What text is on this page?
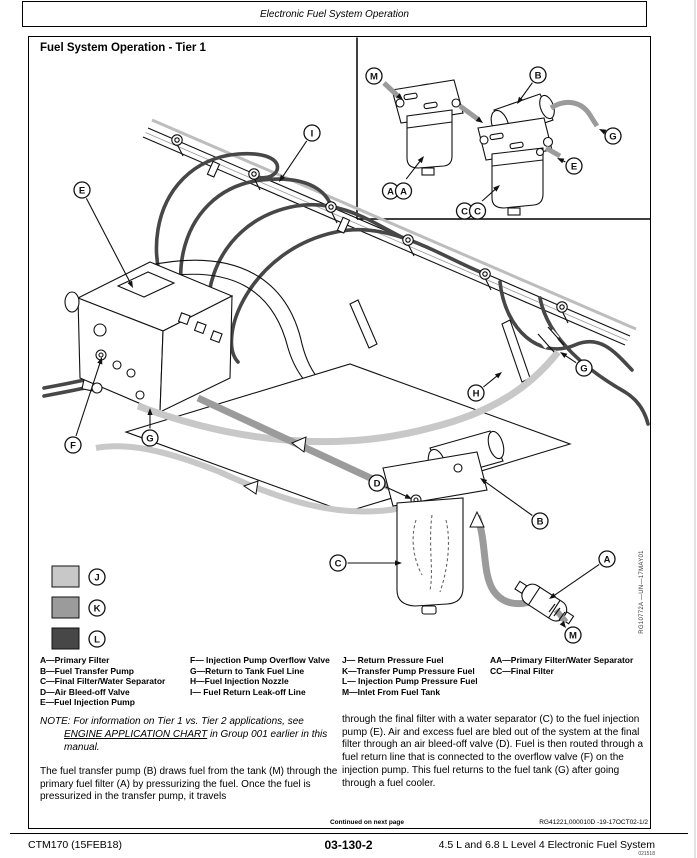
Electronic Fuel System Operation
Fuel System Operation - Tier 1
RG10772A —UN—17MAY01
E
I
F
G
H
G
D
B
C	A
M
J
K
L
M	B
G
E
A A
C C
A—Primary Filter
B—Fuel Transfer Pump
C—Final Filter/Water Separator
D—Air Bleed-off Valve
E—Fuel Injection Pump
F— Injection Pump Overflow Valve
G—Return to Tank Fuel Line
H—Fuel Injection Nozzle
I— Fuel Return Leak-off Line
J— Return Pressure Fuel
K—Transfer Pump Pressure Fuel
L— Injection Pump Pressure Fuel
M—Inlet From Fuel Tank
AA—Primary Filter/Water Separator
CC—Final Filter
NOTE: For information on Tier 1 vs. Tier 2 applications, see ENGINE APPLICATION CHART in Group 001 earlier in this manual.
The fuel transfer pump (B) draws fuel from the tank (M) through the primary fuel filter (A) by pressurizing the fuel. Once the fuel is pressurized in the transfer pump, it travels
through the final filter with a water separator (C) to the fuel injection pump (E). Air and excess fuel are bled out of the system at the final filter through an air bleed-off valve (D). Fuel is then routed through a fuel return line that is connected to the overflow valve (F) on the injection pump. This fuel returns to the fuel tank (G) after going through a fuel cooler.
Continued on next page	RG41221,000010D -19-17OCT02-1/2
03-130-2
CTM170 (15FEB18)	4.5 L and 6.8 L Level 4 Electronic Fuel System
021518
